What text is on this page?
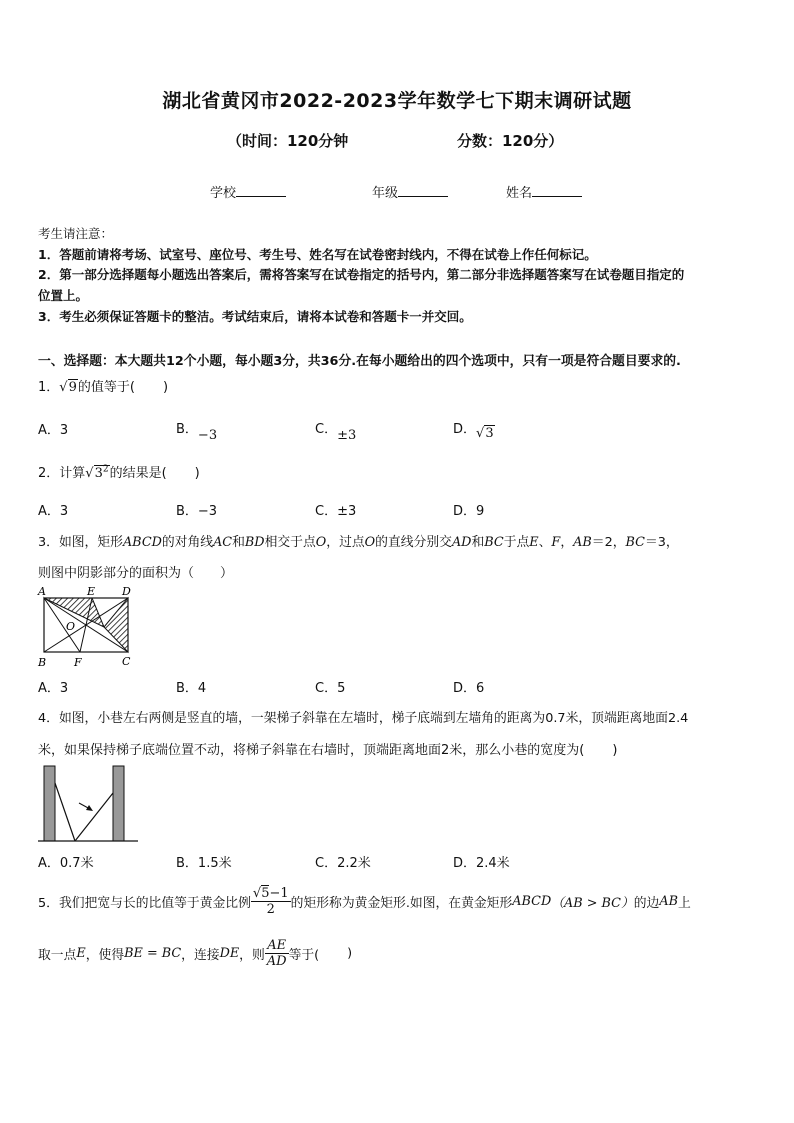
湖北省黄冈市2022-2023学年数学七下期末调研试题
（时间：120分钟	分数：120分）
学校	年级	姓名
考生请注意：
1．答题前请将考场、试室号、座位号、考生号、姓名写在试卷密封线内，不得在试卷上作任何标记。
2．第一部分选择题每小题选出答案后，需将答案写在试卷指定的括号内，第二部分非选择题答案写在试卷题目指定的
位置上。
3．考生必须保证答题卡的整洁。考试结束后，请将本试卷和答题卡一并交回。
一、选择题：本大题共12个小题，每小题3分，共36分.在每小题给出的四个选项中，只有一项是符合题目要求的.
1．√9的值等于( )
A．3	B．−3	C．±3	D．√3
2．计算$√3^2$的结果是( )
A．3	B．−3	C．±3	D．9
3．如图，矩形ABCD的对角线AC和BD相交于点O，过点O的直线分别交AD和BC于点E、F，AB＝2，BC＝3，
则图中阴影部分的面积为（　　）
A	E D
O
B	F	C
A．3	B．4	C．5	D．6
4．如图，小巷左右两侧是竖直的墙，一架梯子斜靠在左墙时，梯子底端到左墙角的距离为0.7米，顶端距离地面2.4
米，如果保持梯子底端位置不动，将梯子斜靠在右墙时，顶端距离地面2米，那么小巷的宽度为( )
A．0.7米	B．1.5米	C．2.2米	D．2.4米
5．我们把宽与长的比值等于黄金比例 $\frac{√5-1}{2}$ 的矩形称为黄金矩形.如图，在黄金矩形ABCD（AB > BC）的边AB上
取一点E，使得BE = BC，连接DE，则 $\frac{AE}{AD}$ 等于( )
